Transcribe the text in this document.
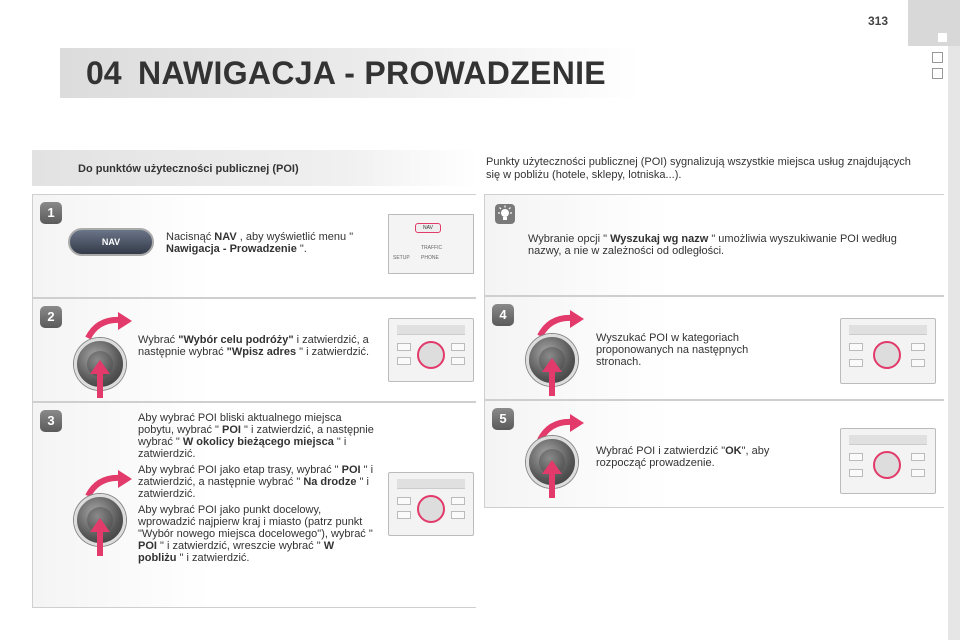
313
04 NAWIGACJA - PROWADZENIE
Do punktów użyteczności publicznej (POI)
Punkty użyteczności publicznej (POI) sygnalizują wszystkie miejsca usług znajdujących się w pobliżu (hotele, sklepy, lotniska...).
1
2
3
4
5
NAV	Nacisnąć NAV , aby wyświetlić menu " Nawigacja - Prowadzenie ".
NAV
TRAFFIC
PHONE
SETUP
Wybrać "Wybór celu podróży" i zatwierdzić, a następnie wybrać "Wpisz adres " i zatwierdzić.

Aby wybrać POI bliski aktualnego miejsca pobytu, wybrać " POI " i zatwierdzić, a następnie wybrać " W okolicy bieżącego miejsca " i zatwierdzić.

Aby wybrać POI jako etap trasy, wybrać " POI " i zatwierdzić, a następnie wybrać " Na drodze " i zatwierdzić.

Aby wybrać POI jako punkt docelowy, wprowadzić najpierw kraj i miasto (patrz punkt "Wybór nowego miejsca docelowego"), wybrać " POI " i zatwierdzić, wreszcie wybrać " W pobliżu " i zatwierdzić.

Wybranie opcji " Wyszukaj wg nazw " umożliwia wyszukiwanie POI według nazwy, a nie w zależności od odległości.
Wyszukać POI w kategoriach proponowanych na następnych stronach.
Wybrać POI i zatwierdzić "OK", aby rozpocząć prowadzenie.
